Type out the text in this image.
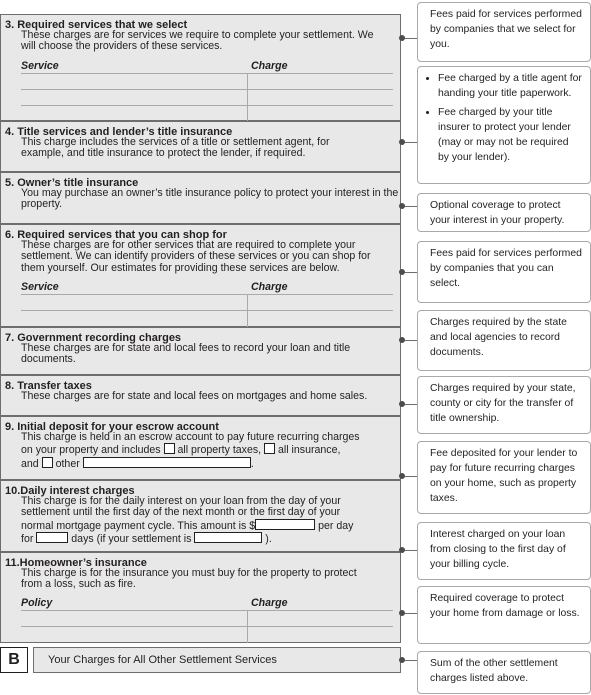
3. Required services that we select
These charges are for services we require to complete your settlement. We will choose the providers of these services.
Service	Charge
4. Title services and lender’s title insurance
This charge includes the services of a title or settlement agent, for example, and title insurance to protect the lender, if required.
5. Owner’s title insurance
You may purchase an owner’s title insurance policy to protect your interest in the property.
6. Required services that you can shop for
These charges are for other services that are required to complete your settlement. We can identify providers of these services or you can shop for them yourself. Our estimates for providing these services are below.
Service	Charge
7. Government recording charges
These charges are for state and local fees to record your loan and title documents.
8. Transfer taxes
These charges are for state and local fees on mortgages and home sales.
9. Initial deposit for your escrow account
This charge is held in an escrow account to pay future recurring charges
on your property and includes all property taxes, all insurance,
and other	.
10.Daily interest charges
This charge is for the daily interest on your loan from the day of your
settlement until the first day of the next month or the first day of your
normal mortgage payment cycle. This amount is $	per day
for	days (if your settlement is	).
11.Homeowner’s insurance
This charge is for the insurance you must buy for the property to protect from a loss, such as fire.
Policy	Charge
B	Your Charges for All Other Settlement Services
Fees paid for services performed by companies that we select for you.
• Fee charged by a title agent for handing your title paperwork.
• Fee charged by your title insurer to protect your lender (may or may not be required by your lender).
Optional coverage to protect your interest in your property.
Fees paid for services performed by companies that you can select.
Charges required by the state and local agencies to record documents.
Charges required by your state, county or city for the transfer of title ownership.
Fee deposited for your lender to pay for future recurring charges on your home, such as property taxes.
Interest charged on your loan from closing to the first day of your billing cycle.
Required coverage to protect your home from damage or loss.
Sum of the other settlement charges listed above.
